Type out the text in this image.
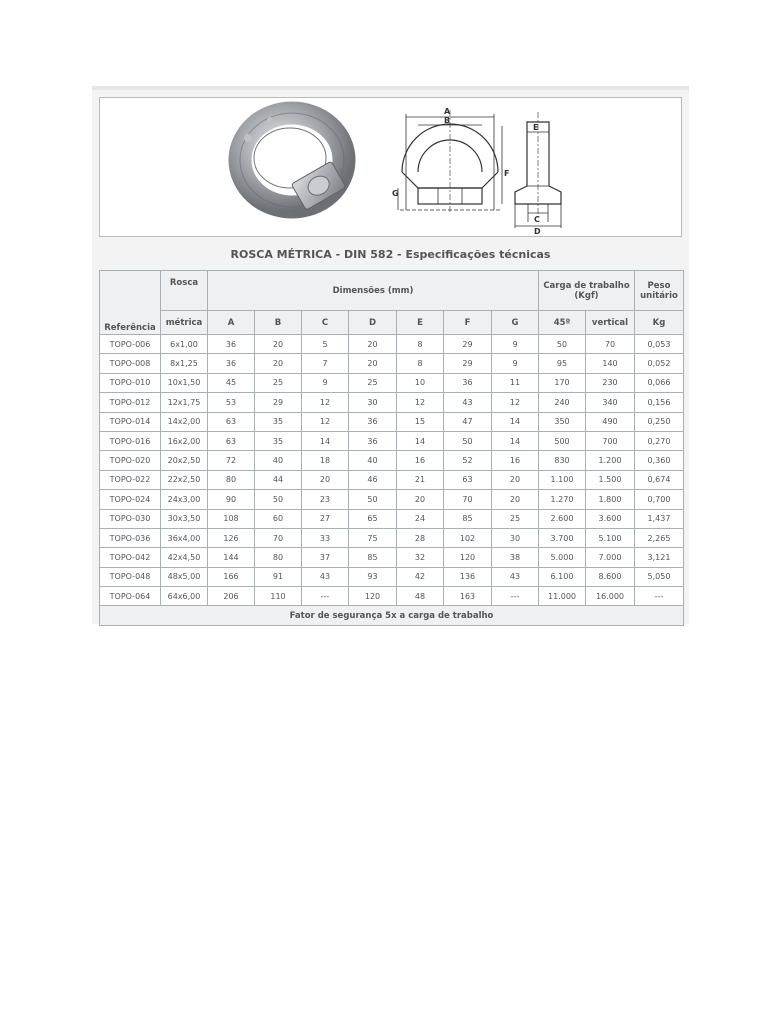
A
B
F
G
E
C
D
ROSCA MÉTRICA - DIN 582 - Especificações técnicas
Referência	Rosca	Dimensões (mm)							Carga de trabalho (Kgf)		Peso unitário
	métrica	A	B	C	D	E	F	G	45º	vertical	Kg
TOPO-006	6x1,00	36	20	5	20	8	29	9	50	70	0,053
TOPO-008	8x1,25	36	20	7	20	8	29	9	95	140	0,052
TOPO-010	10x1,50	45	25	9	25	10	36	11	170	230	0,066
TOPO-012	12x1,75	53	29	12	30	12	43	12	240	340	0,156
TOPO-014	14x2,00	63	35	12	36	15	47	14	350	490	0,250
TOPO-016	16x2,00	63	35	14	36	14	50	14	500	700	0,270
TOPO-020	20x2,50	72	40	18	40	16	52	16	830	1.200	0,360
TOPO-022	22x2,50	80	44	20	46	21	63	20	1.100	1.500	0,674
TOPO-024	24x3,00	90	50	23	50	20	70	20	1.270	1.800	0,700
TOPO-030	30x3,50	108	60	27	65	24	85	25	2.600	3.600	1,437
TOPO-036	36x4,00	126	70	33	75	28	102	30	3.700	5.100	2,265
TOPO-042	42x4,50	144	80	37	85	32	120	38	5.000	7.000	3,121
TOPO-048	48x5,00	166	91	43	93	42	136	43	6.100	8.600	5,050
TOPO-064	64x6,00	206	110	---	120	48	163	---	11.000	16.000	---
Fator de segurança 5x a carga de trabalho											
